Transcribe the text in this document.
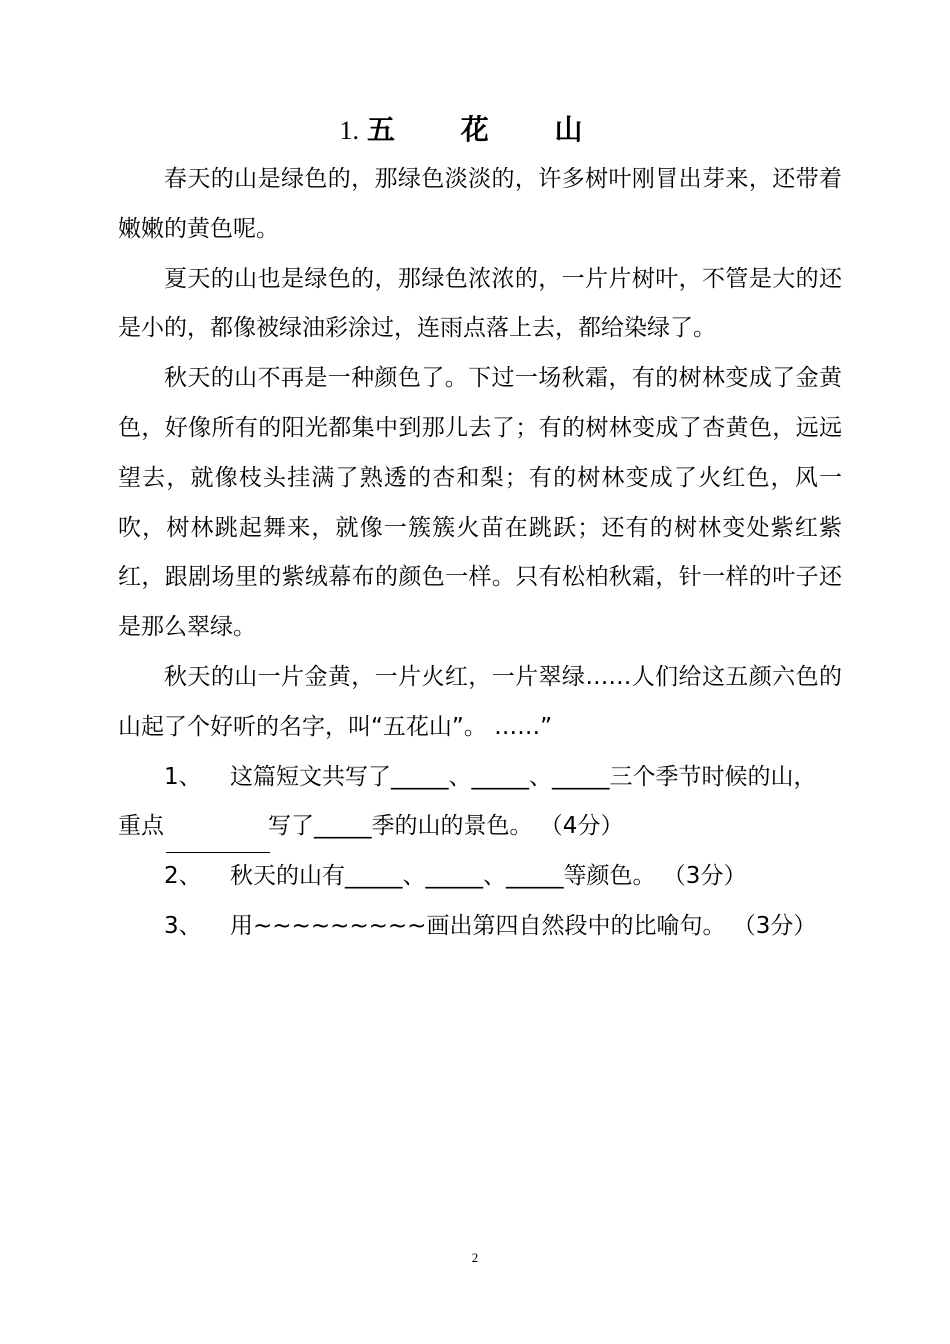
1. 五 花 山

春天的山是绿色的，那绿色淡淡的，许多树叶刚冒出芽来，还带着嫩嫩的黄色呢。

夏天的山也是绿色的，那绿色浓浓的，一片片树叶，不管是大的还是小的，都像被绿油彩涂过，连雨点落上去，都给染绿了。

秋天的山不再是一种颜色了。下过一场秋霜，有的树林变成了金黄色，好像所有的阳光都集中到那儿去了；有的树林变成了杏黄色，远远望去，就像枝头挂满了熟透的杏和梨；有的树林变成了火红色，风一吹，树林跳起舞来，就像一簇簇火苗在跳跃；还有的树林变处紫红紫红，跟剧场里的紫绒幕布的颜色一样。只有松柏秋霜，针一样的叶子还是那么翠绿。

秋天的山一片金黄，一片火红，一片翠绿……人们给这五颜六色的山起了个好听的名字，叫“五花山”。 ……”

1、 这篇短文共写了_____、_____、_____三个季节时候的山，

重点	写了_____季的山的景色。 （4分）

2、 秋天的山有_____、_____、_____等颜色。 （3分）

3、 用~~~~~~~~~画出第四自然段中的比喻句。 （3分）

2
